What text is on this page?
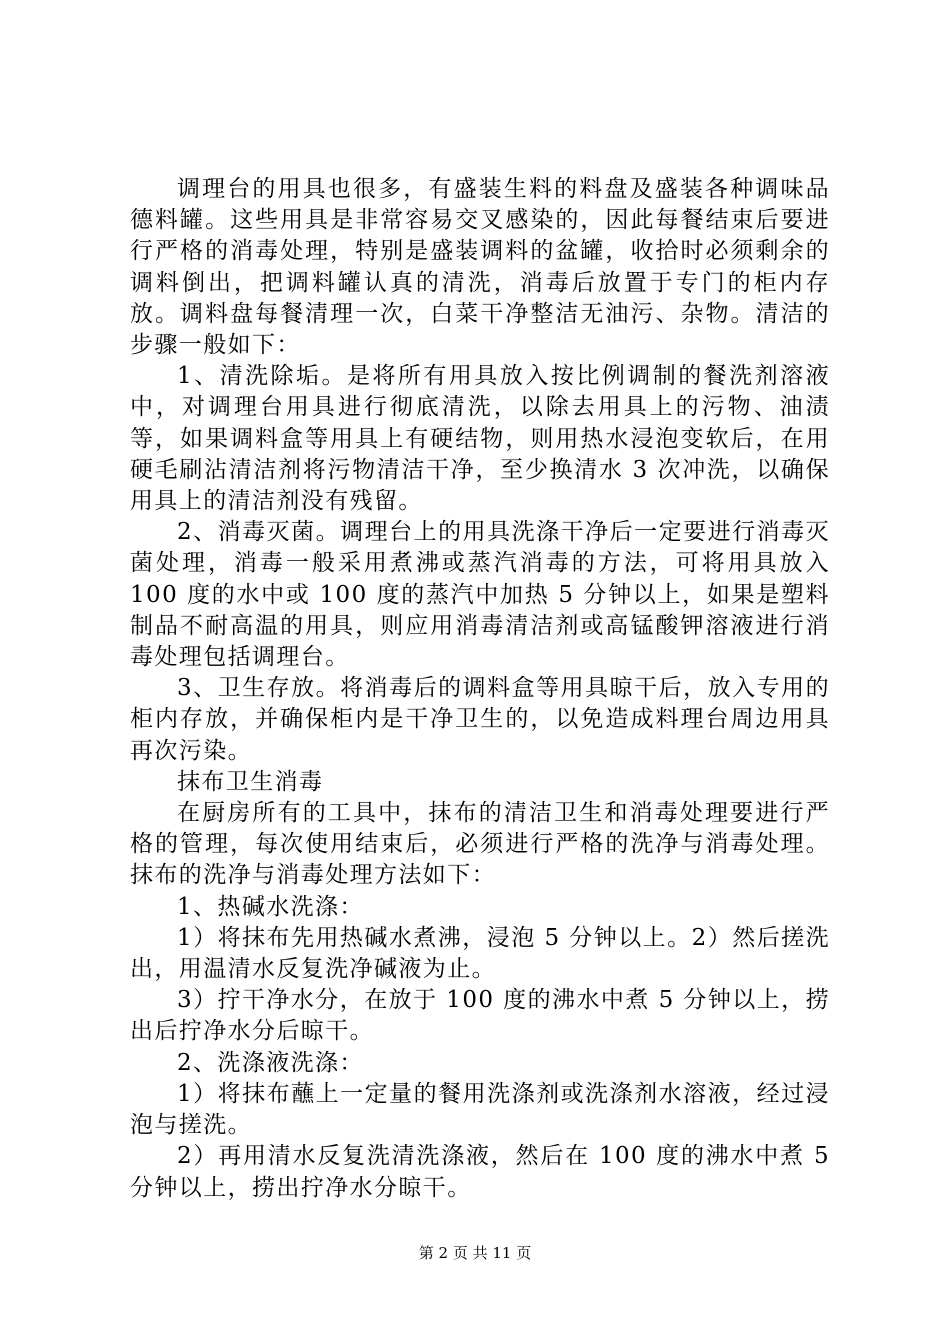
调理台的用具也很多，有盛装生料的料盘及盛装各种调味品德料罐。这些用具是非常容易交叉感染的，因此每餐结束后要进行严格的消毒处理，特别是盛装调料的盆罐，收拾时必须剩余的调料倒出，把调料罐认真的清洗，消毒后放置于专门的柜内存放。调料盘每餐清理一次，白菜干净整洁无油污、杂物。清洁的步骤一般如下：

1、清洗除垢。是将所有用具放入按比例调制的餐洗剂溶液中，对调理台用具进行彻底清洗，以除去用具上的污物、油渍等，如果调料盒等用具上有硬结物，则用热水浸泡变软后，在用硬毛刷沾清洁剂将污物清洁干净，至少换清水 3 次冲洗，以确保用具上的清洁剂没有残留。

2、消毒灭菌。调理台上的用具洗涤干净后一定要进行消毒灭菌处理，消毒一般采用煮沸或蒸汽消毒的方法，可将用具放入 100 度的水中或 100 度的蒸汽中加热 5 分钟以上，如果是塑料制品不耐高温的用具，则应用消毒清洁剂或高锰酸钾溶液进行消毒处理包括调理台。

3、卫生存放。将消毒后的调料盒等用具晾干后，放入专用的柜内存放，并确保柜内是干净卫生的，以免造成料理台周边用具再次污染。

抹布卫生消毒

在厨房所有的工具中，抹布的清洁卫生和消毒处理要进行严格的管理，每次使用结束后，必须进行严格的洗净与消毒处理。抹布的洗净与消毒处理方法如下：

1、热碱水洗涤：

1）将抹布先用热碱水煮沸，浸泡 5 分钟以上。2）然后搓洗出，用温清水反复洗净碱液为止。

3）拧干净水分，在放于 100 度的沸水中煮 5 分钟以上，捞出后拧净水分后晾干。

2、洗涤液洗涤：

1）将抹布蘸上一定量的餐用洗涤剂或洗涤剂水溶液，经过浸泡与搓洗。

2）再用清水反复洗清洗涤液，然后在 100 度的沸水中煮 5 分钟以上，捞出拧净水分晾干。

第 2 页 共 11 页
